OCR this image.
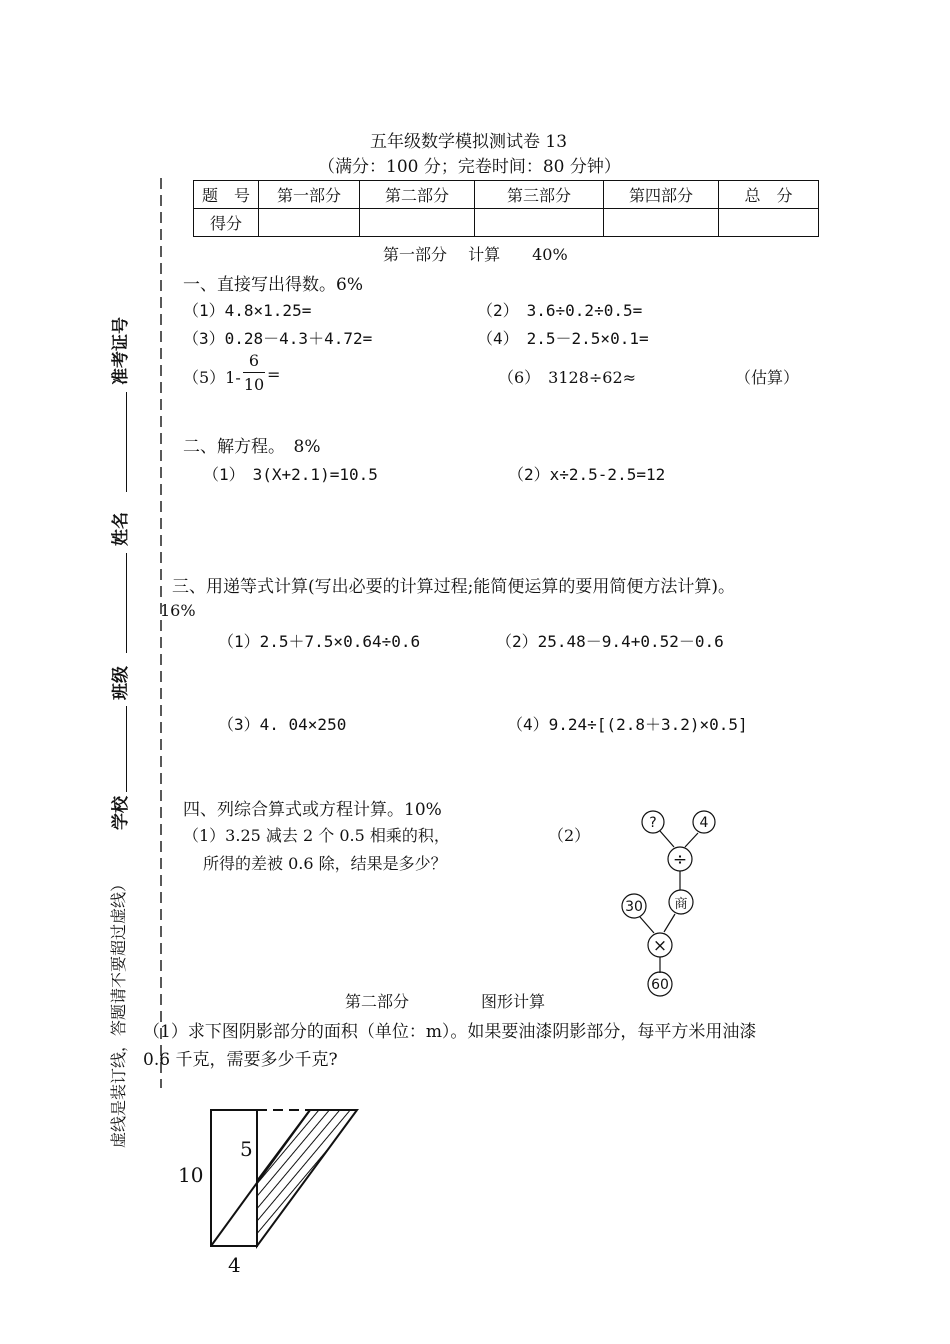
五年级数学模拟测试卷 13
（满分：100 分；完卷时间：80 分钟）
题　号	第一部分	第二部分	第三部分	第四部分	总　分
得分					
准考证号
姓名
班级
学校
虚线是装订线，答题请不要超过虚线）
第一部分　 计算　　40%
一、直接写出得数。6%
（1）4.8×1.25=	（2）　3.6÷0.2÷0.5=
（3）0.28－4.3＋4.72=	（4）　2.5－2.5×0.1=
（5）1-
6
10
=	（6）　3128÷62≈	（估算）
二、解方程。　8%
（1）　3(X+2.1)=10.5	（2）x÷2.5-2.5=12
三、用递等式计算(写出必要的计算过程;能简便运算的要用简便方法计算)。
16%
（1）2.5＋7.5×0.64÷0.6	（2）25.48－9.4+0.52－0.6
（3）4. 04×250	（4）9.24÷[(2.8＋3.2)×0.5]
四、列综合算式或方程计算。10%
（1）3.25 减去 2 个 0.5 相乘的积，
所得的差被 0.6 除，结果是多少？
（2）
?	4
÷
商
30
×
60
第二部分	图形计算
（1）求下图阴影部分的面积（单位：m）。如果要油漆阴影部分，每平方米用油漆
0.6 千克，需要多少千克?
10
5
4
